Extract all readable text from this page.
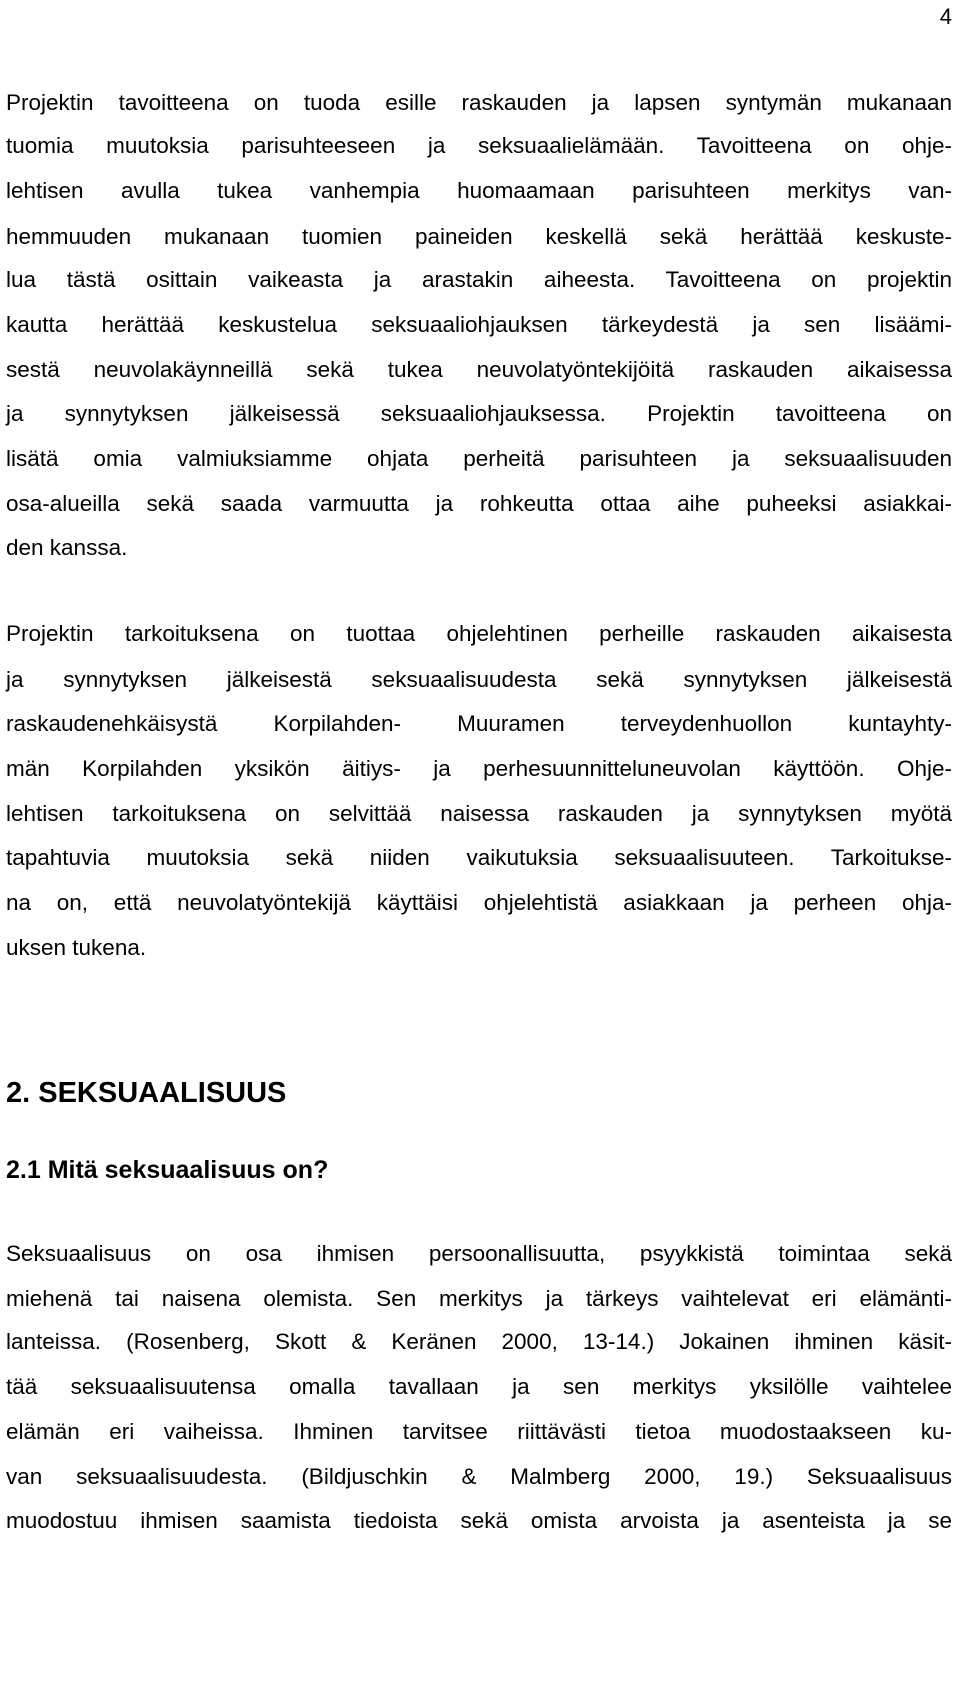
4

Projektin tavoitteena on tuoda esille raskauden ja lapsen syntymän mukanaan

tuomia muutoksia parisuhteeseen ja seksuaalielämään. Tavoitteena on ohje-

lehtisen avulla tukea vanhempia huomaamaan parisuhteen merkitys van-

hemmuuden mukanaan tuomien paineiden keskellä sekä herättää keskuste-

lua tästä osittain vaikeasta ja arastakin aiheesta. Tavoitteena on projektin

kautta herättää keskustelua seksuaaliohjauksen tärkeydestä ja sen lisäämi-

sestä neuvolakäynneillä sekä tukea neuvolatyöntekijöitä raskauden aikaisessa

ja synnytyksen jälkeisessä seksuaaliohjauksessa. Projektin tavoitteena on

lisätä omia valmiuksiamme ohjata perheitä parisuhteen ja seksuaalisuuden

osa-alueilla sekä saada varmuutta ja rohkeutta ottaa aihe puheeksi asiakkai-

den kanssa.

Projektin tarkoituksena on tuottaa ohjelehtinen perheille raskauden aikaisesta

ja synnytyksen jälkeisestä seksuaalisuudesta sekä synnytyksen jälkeisestä

raskaudenehkäisystä Korpilahden- Muuramen terveydenhuollon kuntayhty-

män Korpilahden yksikön äitiys- ja perhesuunnitteluneuvolan käyttöön. Ohje-

lehtisen tarkoituksena on selvittää naisessa raskauden ja synnytyksen myötä

tapahtuvia muutoksia sekä niiden vaikutuksia seksuaalisuuteen. Tarkoitukse-

na on, että neuvolatyöntekijä käyttäisi ohjelehtistä asiakkaan ja perheen ohja-

uksen tukena.

2. SEKSUAALISUUS
2.1 Mitä seksuaalisuus on?

Seksuaalisuus on osa ihmisen persoonallisuutta, psyykkistä toimintaa sekä

miehenä tai naisena olemista. Sen merkitys ja tärkeys vaihtelevat eri elämänti-

lanteissa. (Rosenberg, Skott & Keränen 2000, 13-14.) Jokainen ihminen käsit-

tää seksuaalisuutensa omalla tavallaan ja sen merkitys yksilölle vaihtelee

elämän eri vaiheissa. Ihminen tarvitsee riittävästi tietoa muodostaakseen ku-

van seksuaalisuudesta. (Bildjuschkin & Malmberg 2000, 19.) Seksuaalisuus

muodostuu ihmisen saamista tiedoista sekä omista arvoista ja asenteista ja se
